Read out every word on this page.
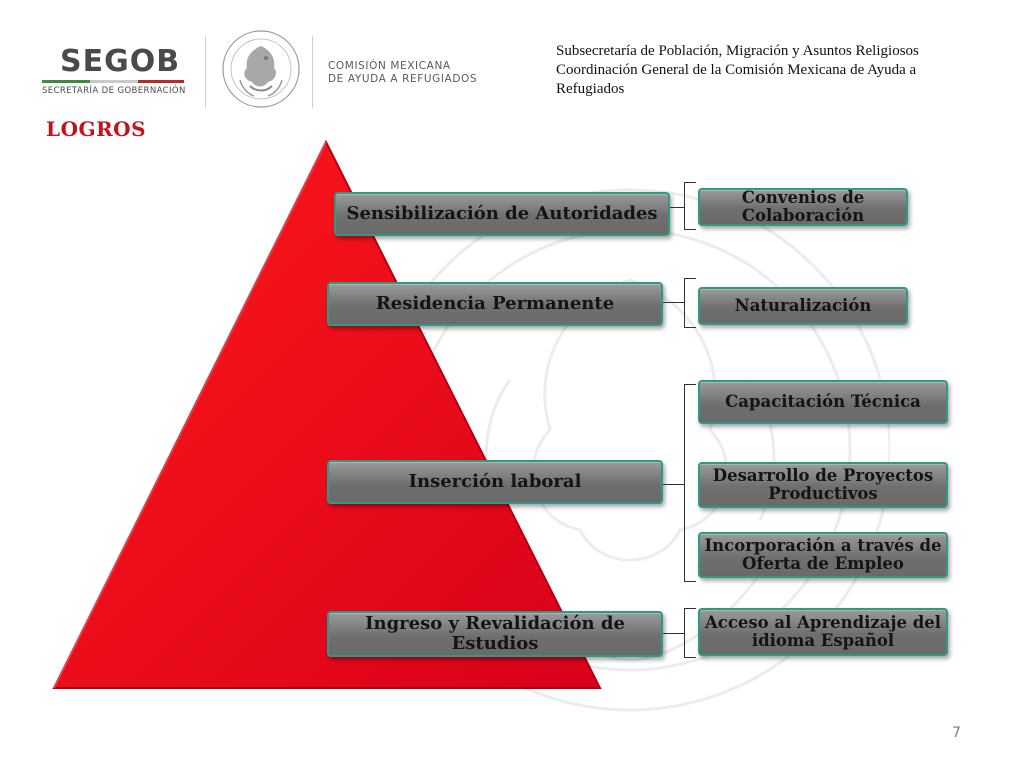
SEGOB
SECRETARÍA DE GOBERNACIÓN
COMISIÓN MEXICANA
DE AYUDA A REFUGIADOS
Subsecretaría de Población, Migración y Asuntos Religiosos
Coordinación General de la Comisión Mexicana de Ayuda a
Refugiados
LOGROS
Sensibilización de Autoridades
Residencia Permanente
Inserción laboral
Ingreso y Revalidación de Estudios
Convenios de Colaboración
Naturalización
Capacitación Técnica
Desarrollo de Proyectos Productivos
Incorporación a través de Oferta de Empleo
Acceso al Aprendizaje del idioma Español
7
